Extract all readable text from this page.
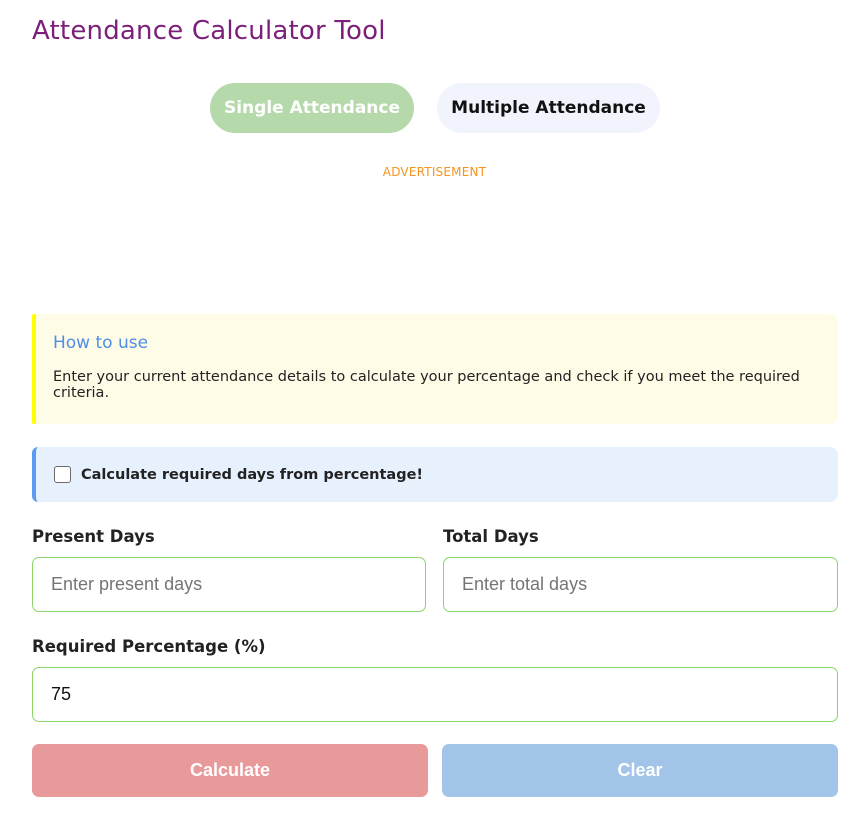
Attendance Calculator Tool
Single Attendance	Multiple Attendance
ADVERTISEMENT
How to use
Enter your current attendance details to calculate your percentage and check if you meet the required criteria.
Calculate required days from percentage!
Present Days
Enter present days
Total Days
Enter total days
Required Percentage (%)
75
Calculate	Clear
